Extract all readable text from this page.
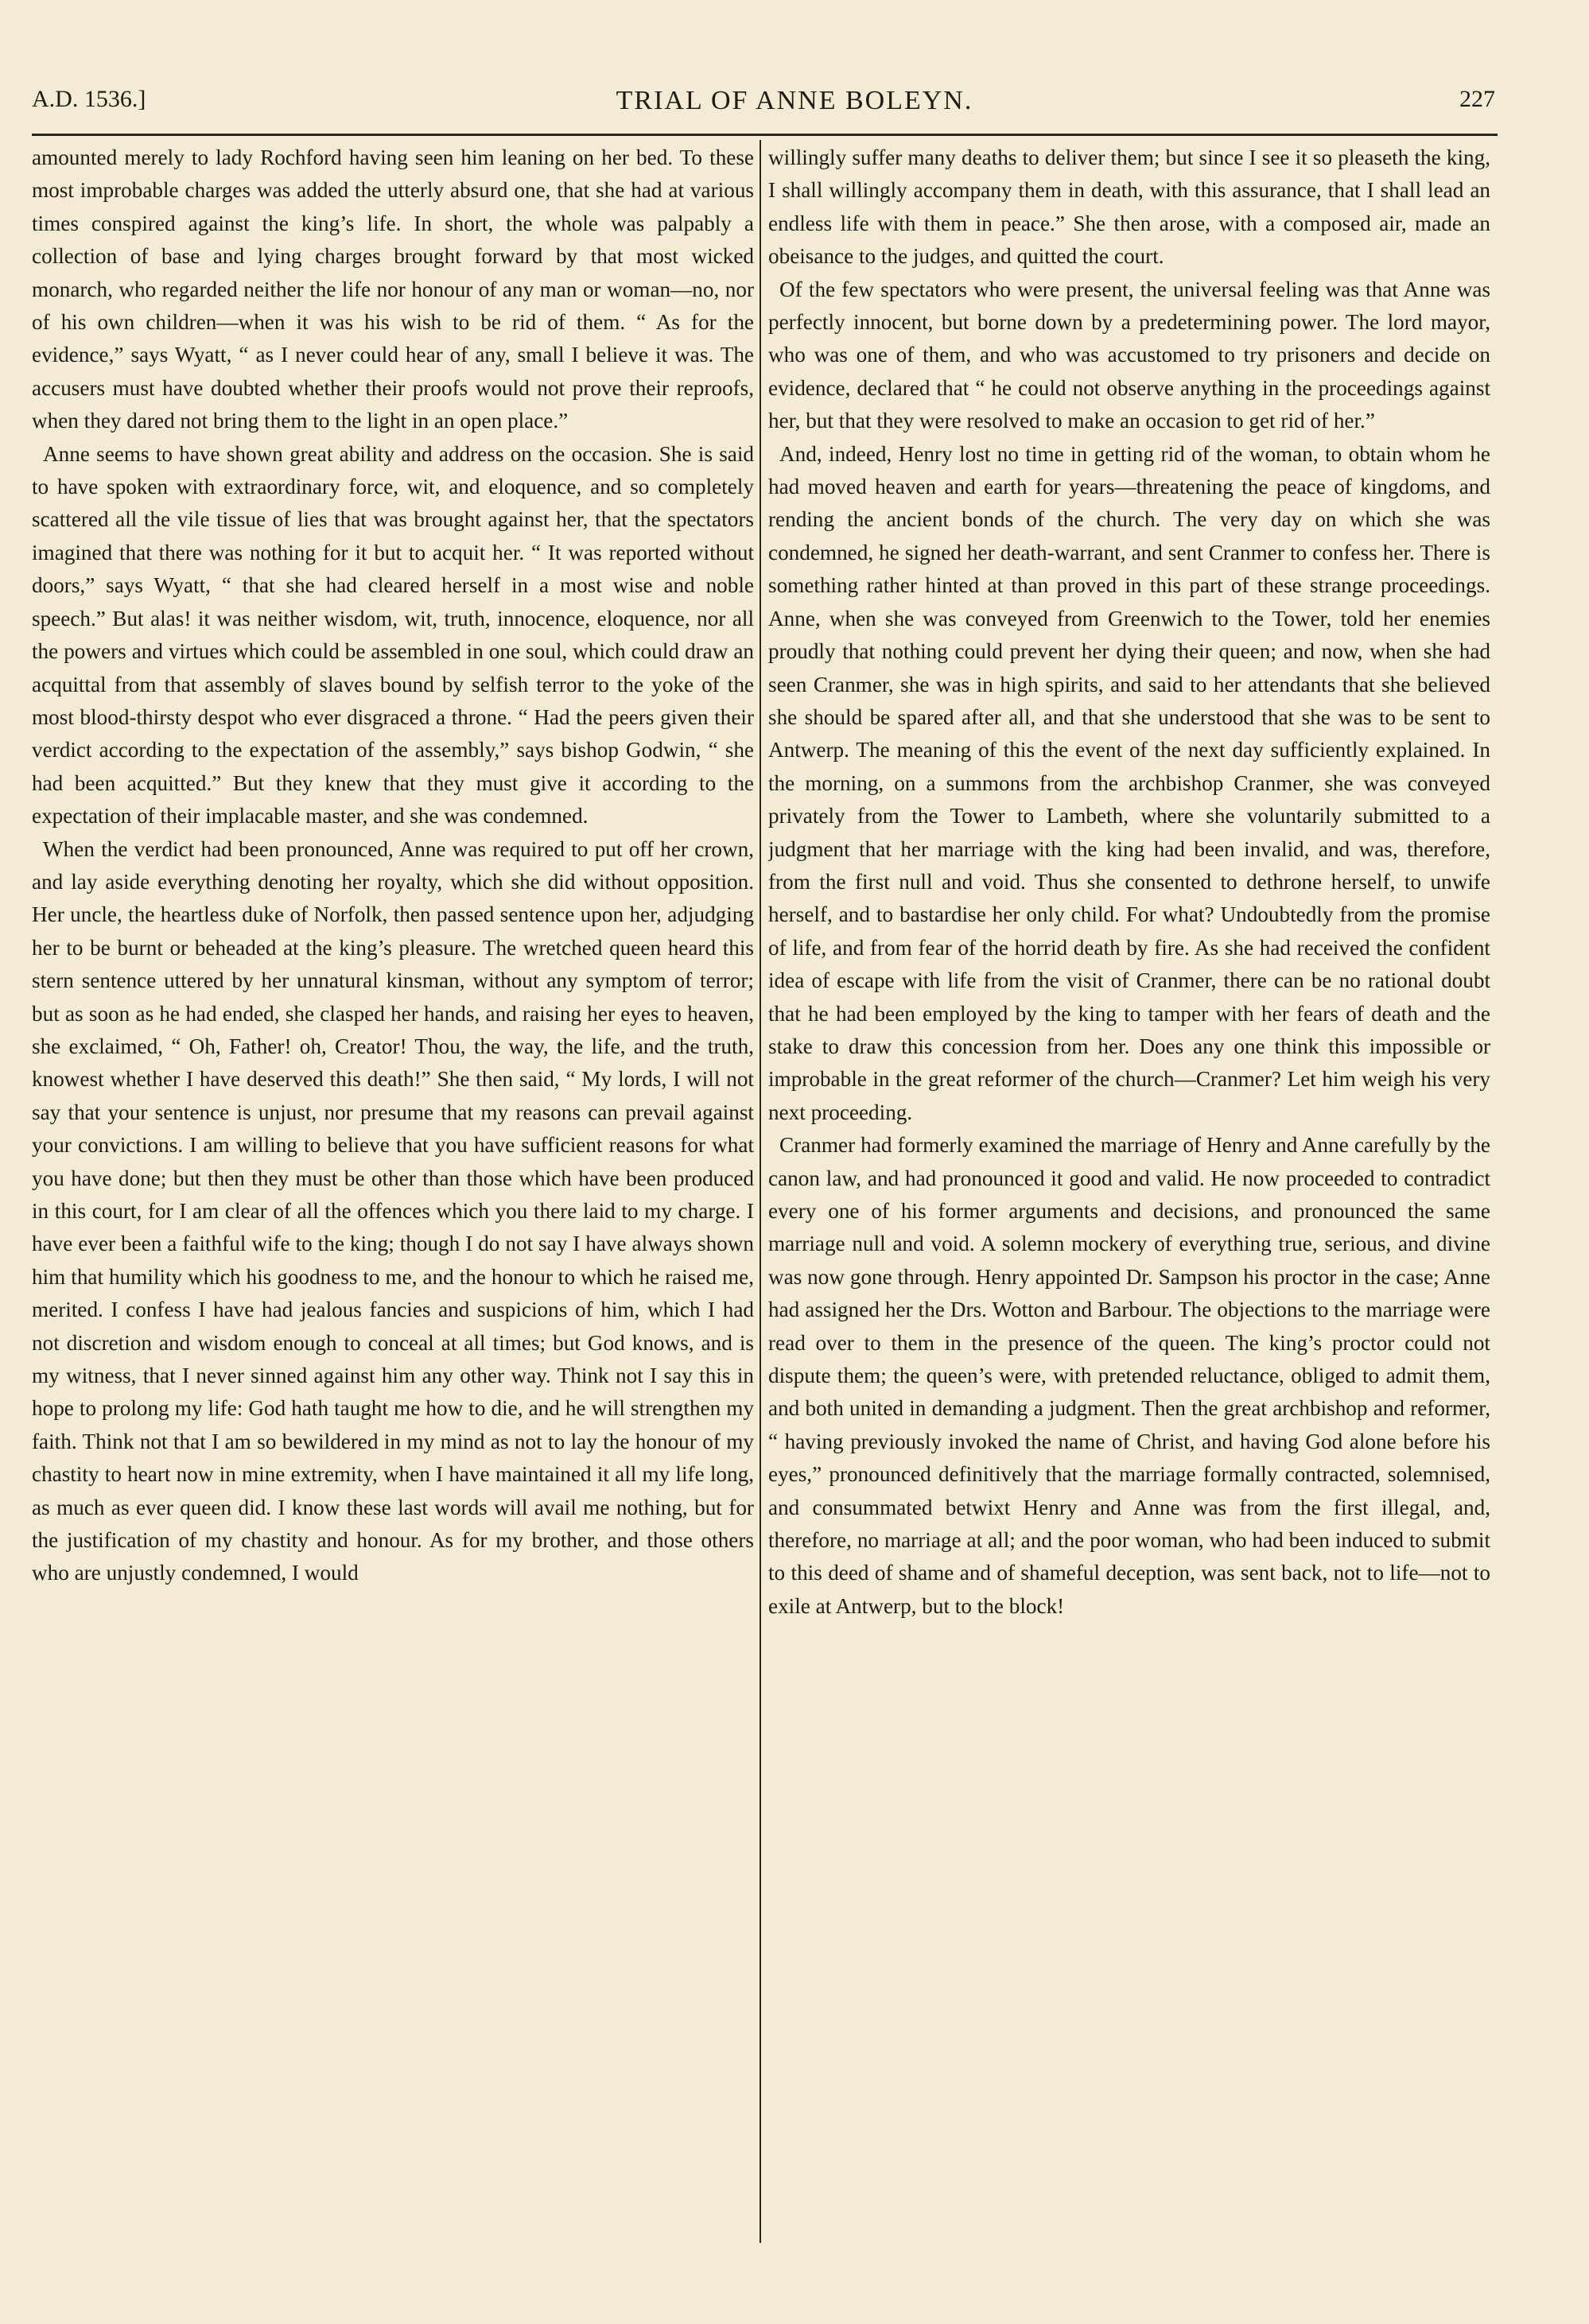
A.D. 1536.]	TRIAL OF ANNE BOLEYN.	227

amounted merely to lady Rochford having seen him leaning on her bed. To these most improbable charges was added the utterly absurd one, that she had at various times conspired against the king’s life. In short, the whole was palpably a collection of base and lying charges brought forward by that most wicked monarch, who regarded neither the life nor honour of any man or woman—no, nor of his own children—when it was his wish to be rid of them. “ As for the evidence,” says Wyatt, “ as I never could hear of any, small I believe it was. The accusers must have doubted whether their proofs would not prove their reproofs, when they dared not bring them to the light in an open place.”

Anne seems to have shown great ability and address on the occasion. She is said to have spoken with extraordinary force, wit, and eloquence, and so completely scattered all the vile tissue of lies that was brought against her, that the spectators imagined that there was nothing for it but to acquit her. “ It was reported without doors,” says Wyatt, “ that she had cleared herself in a most wise and noble speech.” But alas! it was neither wisdom, wit, truth, innocence, eloquence, nor all the powers and virtues which could be assembled in one soul, which could draw an acquittal from that assembly of slaves bound by selfish terror to the yoke of the most blood-thirsty despot who ever disgraced a throne. “ Had the peers given their verdict according to the expectation of the assembly,” says bishop Godwin, “ she had been acquitted.” But they knew that they must give it according to the expectation of their implacable master, and she was condemned.

When the verdict had been pronounced, Anne was required to put off her crown, and lay aside everything denoting her royalty, which she did without opposition. Her uncle, the heartless duke of Norfolk, then passed sentence upon her, adjudging her to be burnt or beheaded at the king’s pleasure. The wretched queen heard this stern sentence uttered by her unnatural kinsman, without any symptom of terror; but as soon as he had ended, she clasped her hands, and raising her eyes to heaven, she exclaimed, “ Oh, Father! oh, Creator! Thou, the way, the life, and the truth, knowest whether I have deserved this death!” She then said, “ My lords, I will not say that your sentence is unjust, nor presume that my reasons can prevail against your convictions. I am willing to believe that you have sufficient reasons for what you have done; but then they must be other than those which have been produced in this court, for I am clear of all the offences which you there laid to my charge. I have ever been a faithful wife to the king; though I do not say I have always shown him that humility which his goodness to me, and the honour to which he raised me, merited. I confess I have had jealous fancies and suspicions of him, which I had not discretion and wisdom enough to conceal at all times; but God knows, and is my witness, that I never sinned against him any other way. Think not I say this in hope to prolong my life: God hath taught me how to die, and he will strengthen my faith. Think not that I am so bewildered in my mind as not to lay the honour of my chastity to heart now in mine extremity, when I have maintained it all my life long, as much as ever queen did. I know these last words will avail me nothing, but for the justification of my chastity and honour. As for my brother, and those others who are unjustly condemned, I would

willingly suffer many deaths to deliver them; but since I see it so pleaseth the king, I shall willingly accompany them in death, with this assurance, that I shall lead an endless life with them in peace.” She then arose, with a composed air, made an obeisance to the judges, and quitted the court.

Of the few spectators who were present, the universal feeling was that Anne was perfectly innocent, but borne down by a predetermining power. The lord mayor, who was one of them, and who was accustomed to try prisoners and decide on evidence, declared that “ he could not observe anything in the proceedings against her, but that they were resolved to make an occasion to get rid of her.”

And, indeed, Henry lost no time in getting rid of the woman, to obtain whom he had moved heaven and earth for years—threatening the peace of kingdoms, and rending the ancient bonds of the church. The very day on which she was condemned, he signed her death-warrant, and sent Cranmer to confess her. There is something rather hinted at than proved in this part of these strange proceedings. Anne, when she was conveyed from Greenwich to the Tower, told her enemies proudly that nothing could prevent her dying their queen; and now, when she had seen Cranmer, she was in high spirits, and said to her attendants that she believed she should be spared after all, and that she understood that she was to be sent to Antwerp. The meaning of this the event of the next day sufficiently explained. In the morning, on a summons from the archbishop Cranmer, she was conveyed privately from the Tower to Lambeth, where she voluntarily submitted to a judgment that her marriage with the king had been invalid, and was, therefore, from the first null and void. Thus she consented to dethrone herself, to unwife herself, and to bastardise her only child. For what? Undoubtedly from the promise of life, and from fear of the horrid death by fire. As she had received the confident idea of escape with life from the visit of Cranmer, there can be no rational doubt that he had been employed by the king to tamper with her fears of death and the stake to draw this concession from her. Does any one think this impossible or improbable in the great reformer of the church—Cranmer? Let him weigh his very next proceeding.

Cranmer had formerly examined the marriage of Henry and Anne carefully by the canon law, and had pronounced it good and valid. He now proceeded to contradict every one of his former arguments and decisions, and pronounced the same marriage null and void. A solemn mockery of everything true, serious, and divine was now gone through. Henry appointed Dr. Sampson his proctor in the case; Anne had assigned her the Drs. Wotton and Barbour. The objections to the marriage were read over to them in the presence of the queen. The king’s proctor could not dispute them; the queen’s were, with pretended reluctance, obliged to admit them, and both united in demanding a judgment. Then the great archbishop and reformer, “ having previously invoked the name of Christ, and having God alone before his eyes,” pronounced definitively that the marriage formally contracted, solemnised, and consummated betwixt Henry and Anne was from the first illegal, and, therefore, no marriage at all; and the poor woman, who had been induced to submit to this deed of shame and of shameful deception, was sent back, not to life—not to exile at Antwerp, but to the block!
